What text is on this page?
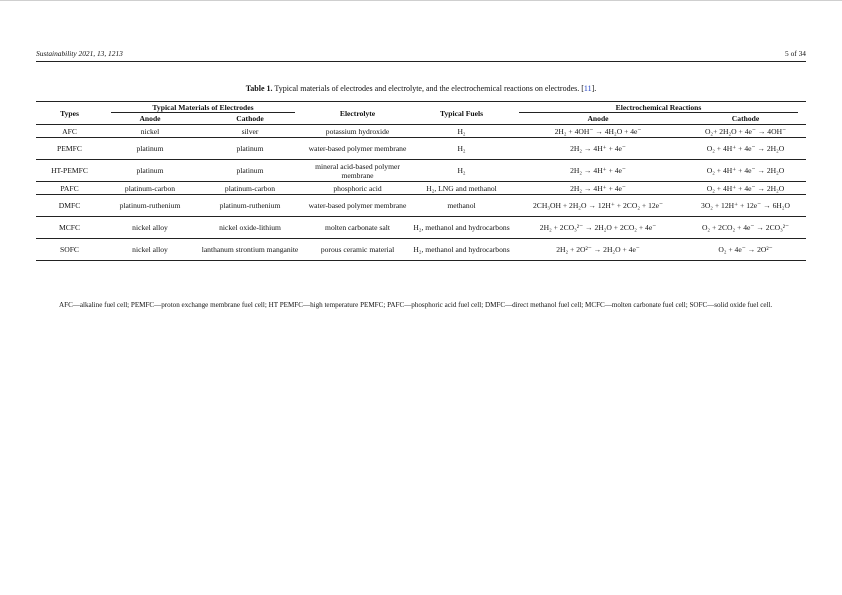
Sustainability 2021, 13, 1213	5 of 34
Table 1. Typical materials of electrodes and electrolyte, and the electrochemical reactions on electrodes. [11].
Types	Typical Materials of Electrodes		Electrolyte	Typical Fuels	Electrochemical Reactions	
	Anode	Cathode			Anode	Cathode
AFC	nickel	silver	potassium hydroxide	H₂	2H₂ + 4OH⁻ → 4H₂O + 4e⁻	O₂+ 2H₂O + 4e⁻ → 4OH⁻
PEMFC	platinum	platinum	water-based polymer membrane	H₂	2H₂ → 4H⁺ + 4e⁻	O₂ + 4H⁺ + 4e⁻ → 2H₂O
HT-PEMFC	platinum	platinum	mineral acid-based polymer membrane	H₂	2H₂ → 4H⁺ + 4e⁻	O₂ + 4H⁺ + 4e⁻ → 2H₂O
PAFC	platinum-carbon	platinum-carbon	phosphoric acid	H₂, LNG and methanol	2H₂ → 4H⁺ + 4e⁻	O₂ + 4H⁺ + 4e⁻ → 2H₂O
DMFC	platinum-ruthenium	platinum-ruthenium	water-based polymer membrane	methanol	2CH₃OH + 2H₂O → 12H⁺ + 2CO₂ + 12e⁻	3O₂ + 12H⁺ + 12e⁻ → 6H₂O
MCFC	nickel alloy	nickel oxide-lithium	molten carbonate salt	H₂, methanol and hydrocarbons	2H₂ + 2CO₃²⁻ → 2H₂O + 2CO₂ + 4e⁻	O₂ + 2CO₂ + 4e⁻ → 2CO₃²⁻
SOFC	nickel alloy	lanthanum strontium manganite	porous ceramic material	H₂, methanol and hydrocarbons	2H₂ + 2O²⁻ → 2H₂O + 4e⁻	O₂ + 4e⁻ → 2O²⁻
AFC—alkaline fuel cell; PEMFC—proton exchange membrane fuel cell; HT PEMFC—high temperature PEMFC; PAFC—phosphoric acid fuel cell; DMFC—direct methanol fuel cell; MCFC—molten carbonate fuel cell; SOFC—solid oxide fuel cell.
